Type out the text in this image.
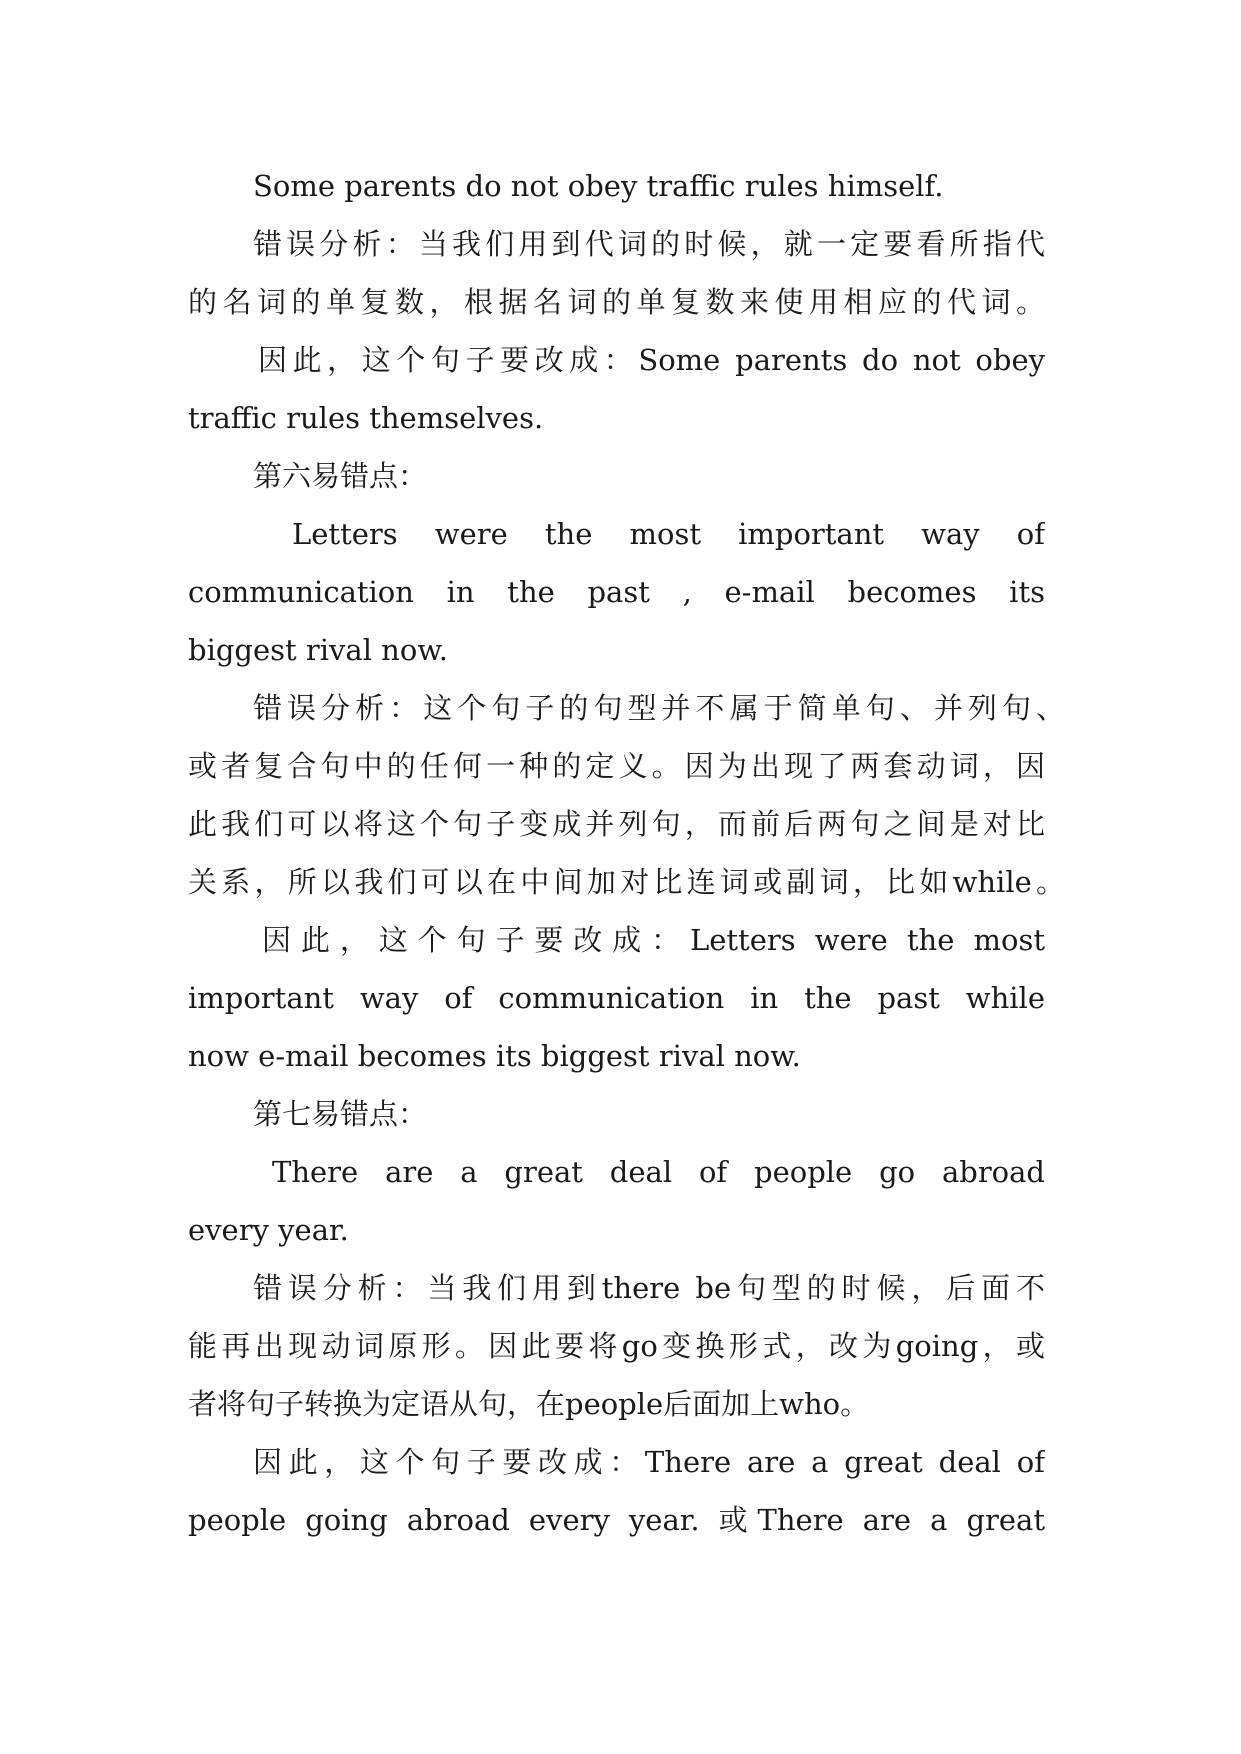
Some parents do not obey traffic rules himself.
错误分析：当我们用到代词的时候，就一定要看所指代
的名词的单复数，根据名词的单复数来使用相应的代词。
因此，这个句子要改成：Some parents do not obey
traffic rules themselves.
第六易错点：
Letters were the most important way of
communication in the past , e-mail becomes its
biggest rival now.
错误分析：这个句子的句型并不属于简单句、并列句、
或者复合句中的任何一种的定义。因为出现了两套动词，因
此我们可以将这个句子变成并列句，而前后两句之间是对比
关系，所以我们可以在中间加对比连词或副词，比如while。
因此，这个句子要改成：Letters were the most
important way of communication in the past while
now e-mail becomes its biggest rival now.
第七易错点：
There are a great deal of people go abroad
every year.
错误分析：当我们用到there be句型的时候，后面不
能再出现动词原形。因此要将go变换形式，改为going，或
者将句子转换为定语从句，在people后面加上who。
因此，这个句子要改成：There are a great deal of
people going abroad every year. 或There are a great
